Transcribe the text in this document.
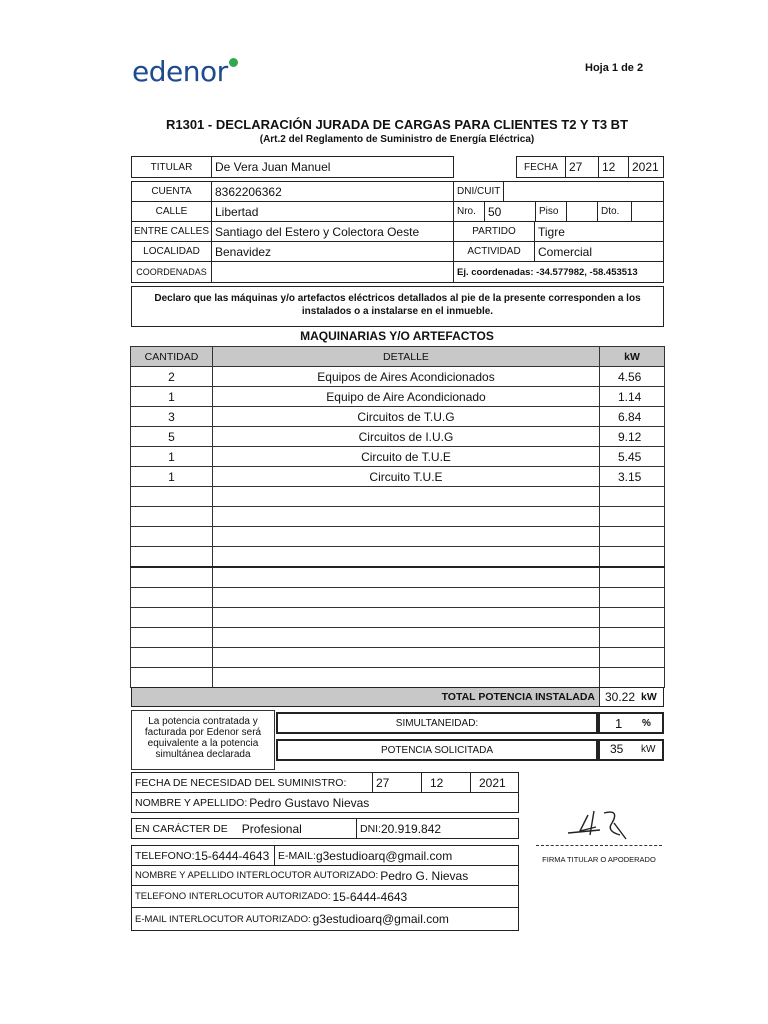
edenor	Hoja 1 de 2
R1301 - DECLARACIÓN JURADA DE CARGAS PARA CLIENTES T2 Y T3 BT
(Art.2 del Reglamento de Suministro de Energía Eléctrica)
TITULAR	De Vera Juan Manuel	FECHA 27	12	2021
CUENTA	8362206362	DNI/CUIT
CALLE	Libertad	Nro.	50	Piso	Dto.
ENTRE CALLES Santiago del Estero y Colectora Oeste	PARTIDO	Tigre
LOCALIDAD	Benavidez	ACTIVIDAD	Comercial
COORDENADAS	Ej. coordenadas: -34.577982, -58.453513
Declaro que las máquinas y/o artefactos eléctricos detallados al pie de la presente corresponden a los instalados o a instalarse en el inmueble.
MAQUINARIAS Y/O ARTEFACTOS
CANTIDAD	DETALLE	kW
2	Equipos de Aires Acondicionados	4.56
1	Equipo de Aire Acondicionado	1.14
3	Circuitos de T.U.G	6.84
5	Circuitos de I.U.G	9.12
1	Circuito de T.U.E	5.45
1	Circuito T.U.E	3.15

TOTAL POTENCIA INSTALADA 30.22 kW
La potencia contratada y facturada por Edenor será equivalente a la potencia simultánea declarada
SIMULTANEIDAD:	1 %
POTENCIA SOLICITADA	35 kW
FECHA DE NECESIDAD DEL SUMINISTRO:	27	12	2021
NOMBRE Y APELLIDO: Pedro Gustavo Nievas
EN CARÁCTER DE Profesional	DNI: 20.919.842
TELEFONO: 15-6444-4643 E-MAIL: g3estudioarq@gmail.com
NOMBRE Y APELLIDO INTERLOCUTOR AUTORIZADO: Pedro G. Nievas
TELEFONO INTERLOCUTOR AUTORIZADO: 15-6444-4643
E-MAIL INTERLOCUTOR AUTORIZADO: g3estudioarq@gmail.com
FIRMA TITULAR O APODERADO
